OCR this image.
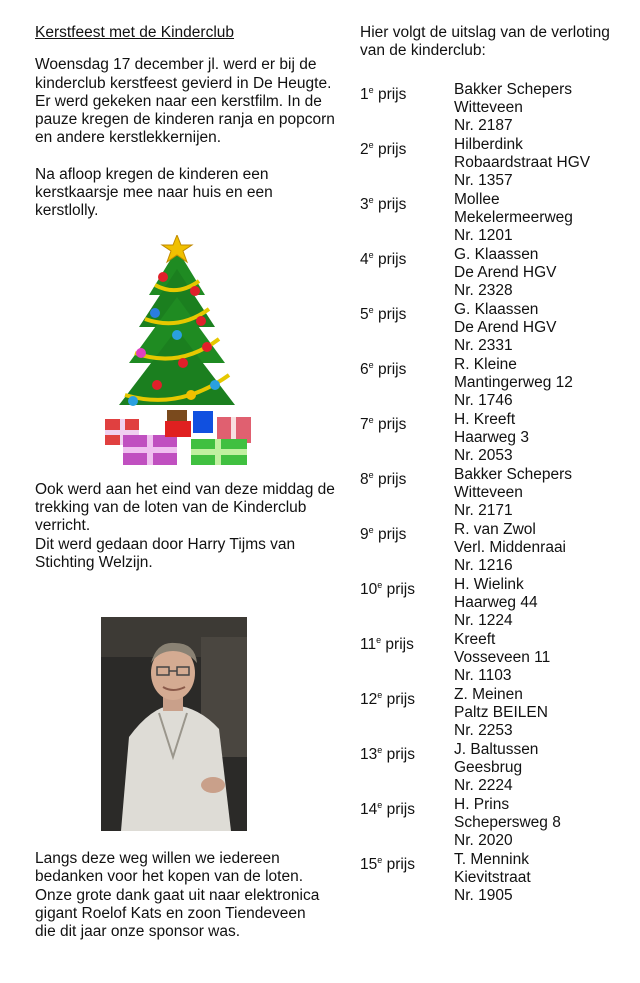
Kerstfeest met de Kinderclub

Woensdag 17 december jl. werd er bij de kinderclub kerstfeest gevierd in De Heugte. Er werd gekeken naar een kerstfilm. In de pauze kregen de kinderen ranja en popcorn en andere kerstlekkernijen.

Na afloop kregen de kinderen een kerstkaarsje mee naar huis en een kerstlolly.

Ook werd aan het eind van deze middag de trekking van de loten van de Kinderclub verricht.

Dit werd gedaan door Harry Tijms van Stichting Welzijn.

Langs deze weg willen we iedereen bedanken voor het kopen van de loten. Onze grote dank gaat uit naar elektronica gigant Roelof Kats en zoon Tiendeveen die dit jaar onze sponsor was.

Hier volgt de uitslag van de verloting van de kinderclub:

1e prijs	Bakker Schepers
Witteveen
Nr. 2187
2e prijs	Hilberdink
Robaardstraat HGV
Nr. 1357
3e prijs	Mollee
Mekelermeerweg
Nr. 1201
4e prijs	G. Klaassen
De Arend HGV
Nr. 2328
5e prijs	G. Klaassen
De Arend HGV
Nr. 2331
6e prijs	R. Kleine
Mantingerweg 12
Nr. 1746
7e prijs	H. Kreeft
Haarweg 3
Nr. 2053
8e prijs	Bakker Schepers
Witteveen
Nr. 2171
9e prijs	R. van Zwol
Verl. Middenraai
Nr. 1216
10e prijs	H. Wielink
Haarweg 44
Nr. 1224
11e prijs	Kreeft
Vosseveen 11
Nr. 1103
12e prijs	Z. Meinen
Paltz BEILEN
Nr. 2253
13e prijs	J. Baltussen
Geesbrug
Nr. 2224
14e prijs	H. Prins
Schepersweg 8
Nr. 2020
15e prijs	T. Mennink
Kievitstraat
Nr. 1905
